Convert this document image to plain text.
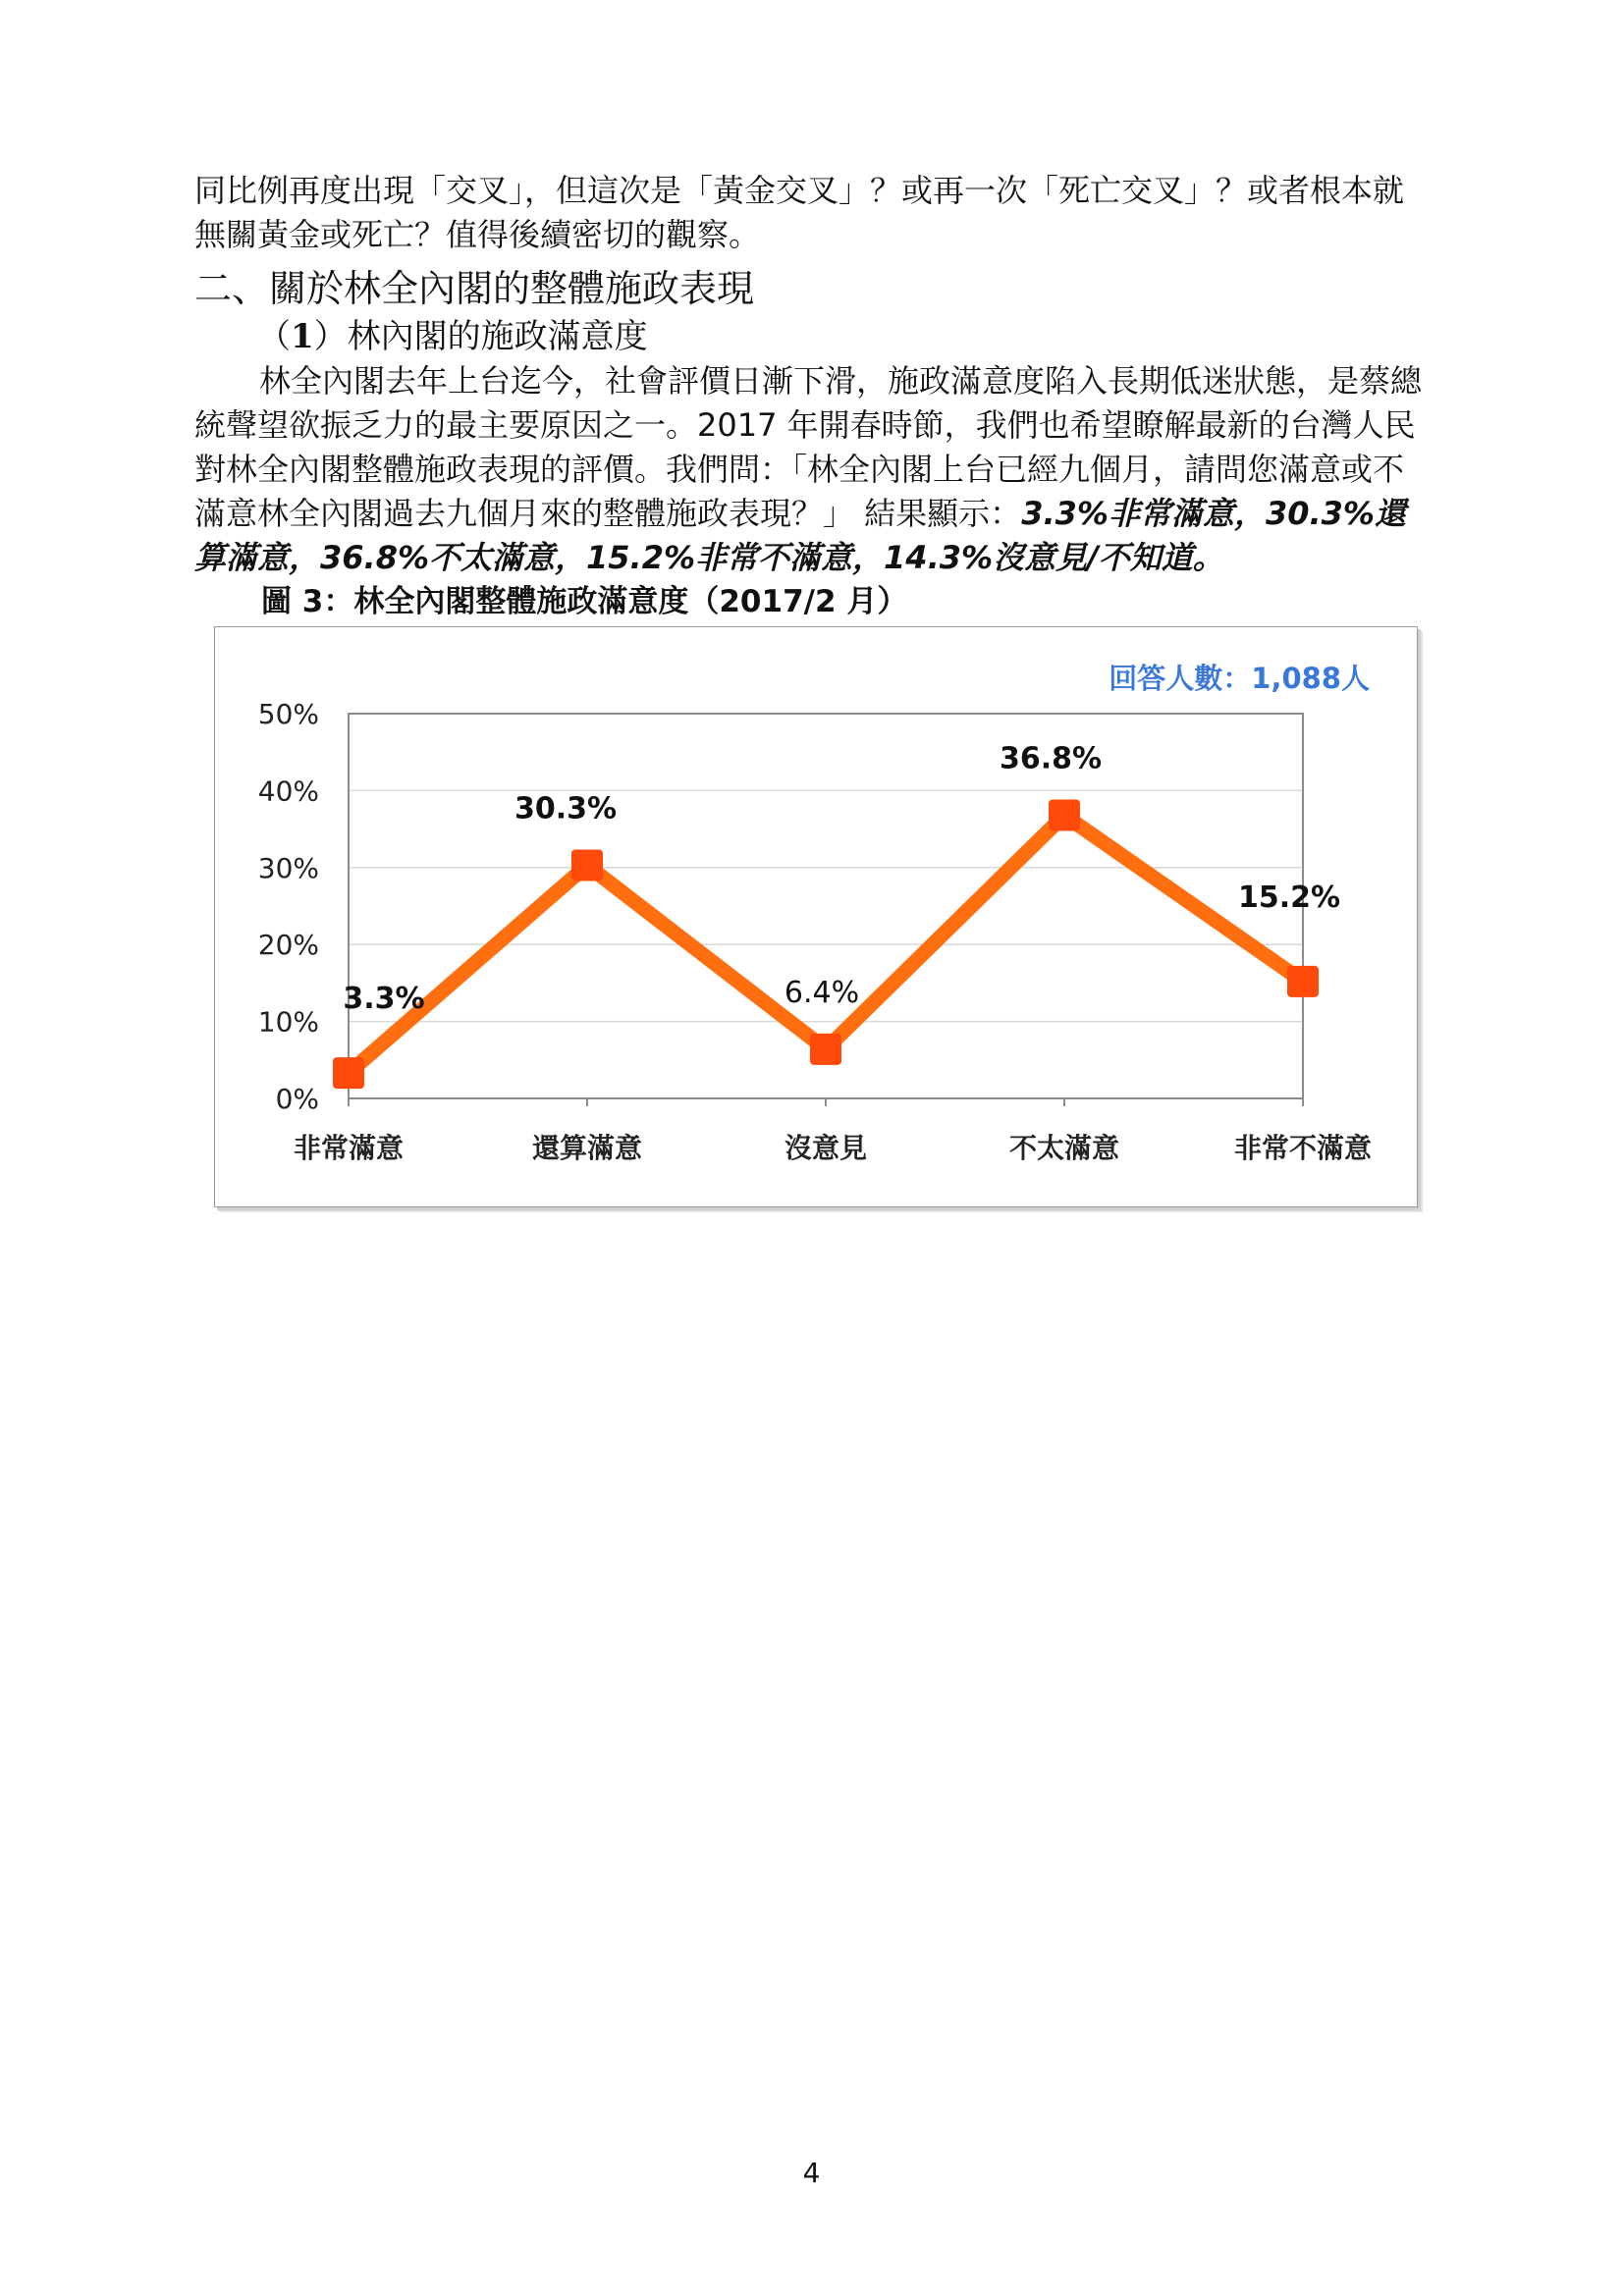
同比例再度出現「交叉」，但這次是「黃金交叉」？或再一次「死亡交叉」？或者根本就無關黃金或死亡？值得後續密切的觀察。

二、關於林全內閣的整體施政表現
（1）林內閣的施政滿意度

林全內閣去年上台迄今，社會評價日漸下滑，施政滿意度陷入長期低迷狀態，是蔡總統聲望欲振乏力的最主要原因之一。2017 年開春時節，我們也希望瞭解最新的台灣人民對林全內閣整體施政表現的評價。我們問：「林全內閣上台已經九個月，請問您滿意或不滿意林全內閣過去九個月來的整體施政表現？」 結果顯示：3.3%非常滿意，30.3%還算滿意，36.8%不太滿意，15.2%非常不滿意，14.3%沒意見/不知道。

圖 3：林全內閣整體施政滿意度（2017/2 月）

0%
10%
20%
30%
40%
50%
非常滿意	還算滿意	沒意見	不太滿意	非常不滿意
3.3%
30.3%
6.4%
36.8%
15.2%
回答人數：1,088人

4
